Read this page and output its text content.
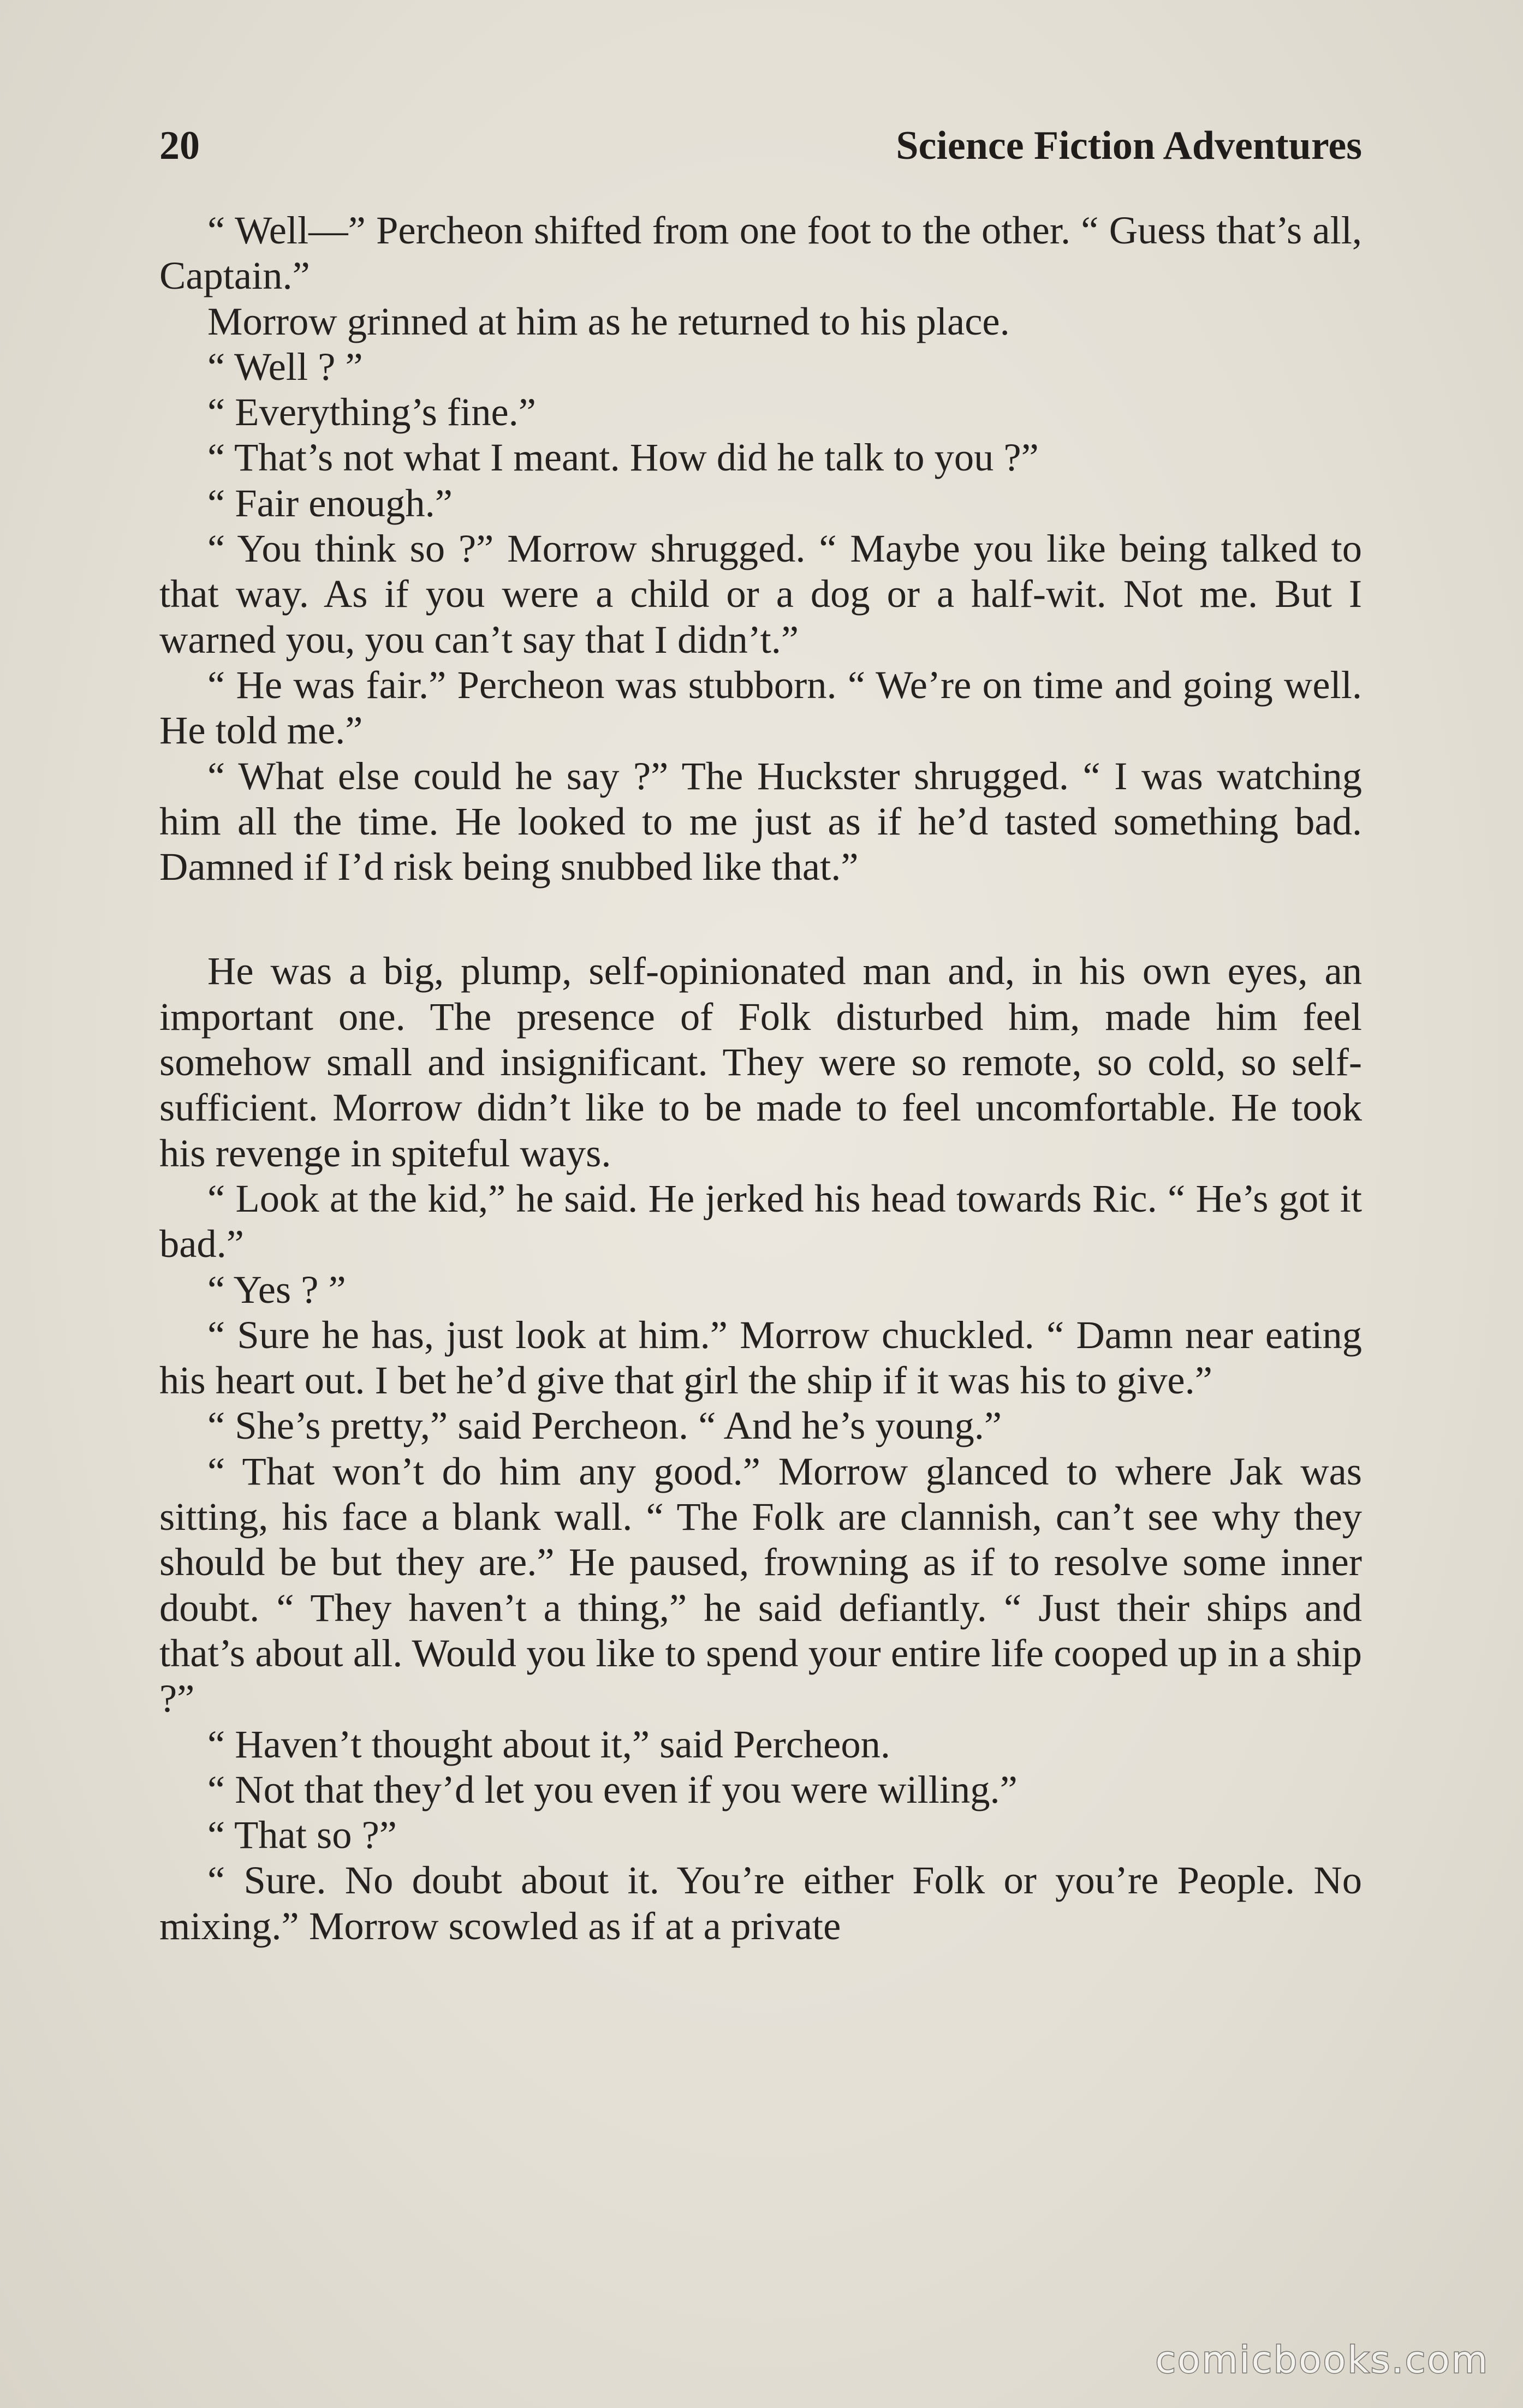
20	Science Fiction Adventures

“ Well—” Percheon shifted from one foot to the other. “ Guess that’s all, Captain.”

Morrow grinned at him as he returned to his place.

“ Well ? ”

“ Everything’s fine.”

“ That’s not what I meant. How did he talk to you ?”

“ Fair enough.”

“ You think so ?” Morrow shrugged. “ Maybe you like being talked to that way. As if you were a child or a dog or a half-wit. Not me. But I warned you, you can’t say that I didn’t.”

“ He was fair.” Percheon was stubborn. “ We’re on time and going well. He told me.”

“ What else could he say ?” The Huckster shrugged. “ I was watching him all the time. He looked to me just as if he’d tasted something bad. Damned if I’d risk being snubbed like that.”

He was a big, plump, self-opinionated man and, in his own eyes, an important one. The presence of Folk disturbed him, made him feel somehow small and insignificant. They were so remote, so cold, so self-sufficient. Morrow didn’t like to be made to feel uncomfortable. He took his revenge in spiteful ways.

“ Look at the kid,” he said. He jerked his head towards Ric. “ He’s got it bad.”

“ Yes ? ”

“ Sure he has, just look at him.” Morrow chuckled. “ Damn near eating his heart out. I bet he’d give that girl the ship if it was his to give.”

“ She’s pretty,” said Percheon. “ And he’s young.”

“ That won’t do him any good.” Morrow glanced to where Jak was sitting, his face a blank wall. “ The Folk are clannish, can’t see why they should be but they are.” He paused, frowning as if to resolve some inner doubt. “ They haven’t a thing,” he said defiantly. “ Just their ships and that’s about all. Would you like to spend your entire life cooped up in a ship ?”

“ Haven’t thought about it,” said Percheon.

“ Not that they’d let you even if you were willing.”

“ That so ?”

“ Sure. No doubt about it. You’re either Folk or you’re People. No mixing.” Morrow scowled as if at a private

comicbooks.com
